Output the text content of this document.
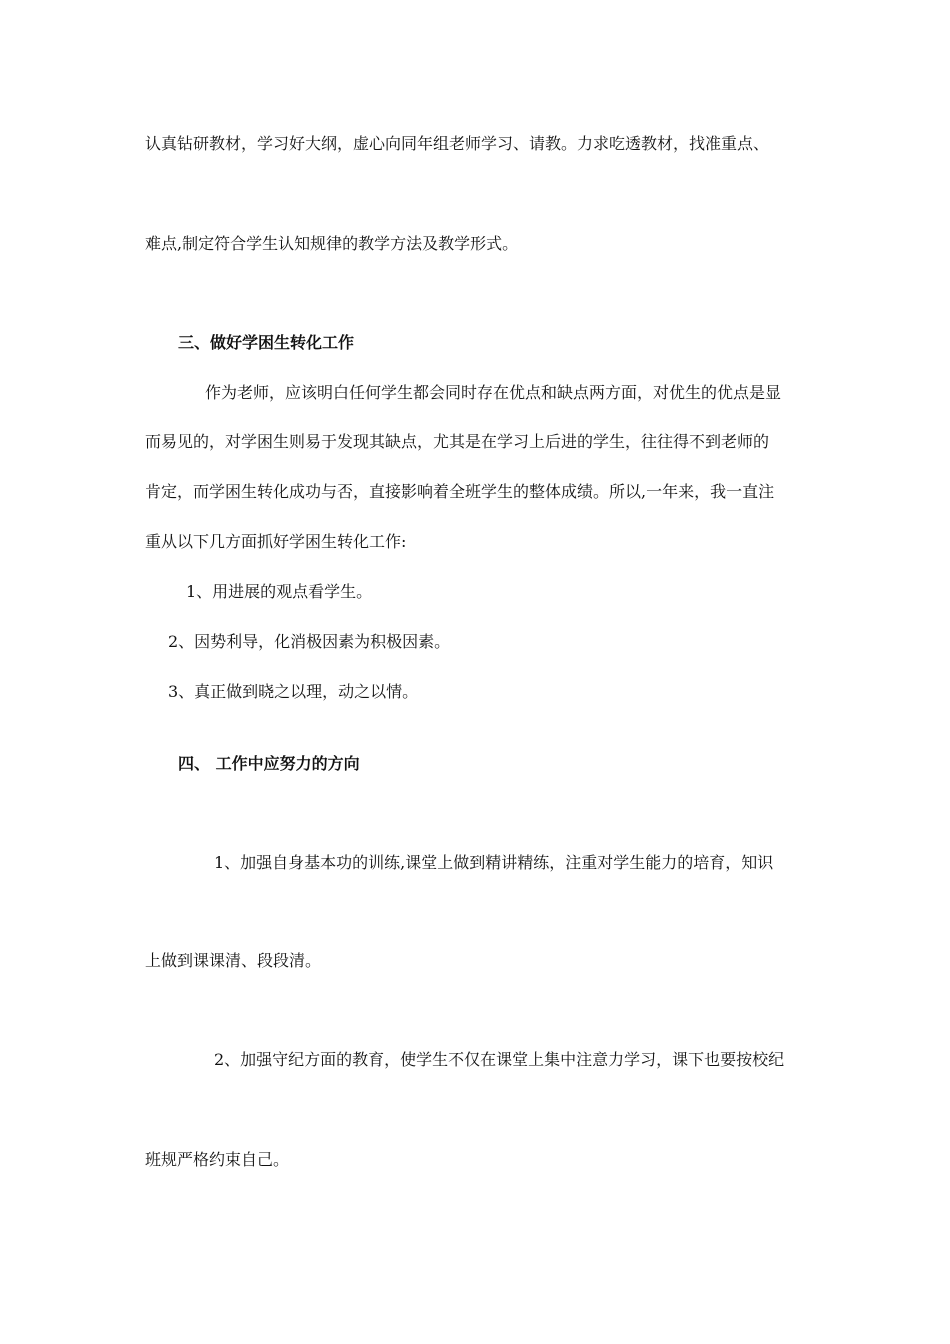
认真钻研教材，学习好大纲，虚心向同年组老师学习、请教。力求吃透教材，找准重点、
难点,制定符合学生认知规律的教学方法及教学形式。
三、做好学困生转化工作
作为老师，应该明白任何学生都会同时存在优点和缺点两方面，对优生的优点是显
而易见的，对学困生则易于发现其缺点，尤其是在学习上后进的学生，往往得不到老师的
肯定，而学困生转化成功与否，直接影响着全班学生的整体成绩。所以,一年来，我一直注
重从以下几方面抓好学困生转化工作:
1、用进展的观点看学生。
2、因势利导，化消极因素为积极因素。
3、真正做到晓之以理，动之以情。
四、 工作中应努力的方向
1、加强自身基本功的训练,课堂上做到精讲精练，注重对学生能力的培育，知识
上做到课课清、段段清。
2、加强守纪方面的教育，使学生不仅在课堂上集中注意力学习，课下也要按校纪
班规严格约束自己。
